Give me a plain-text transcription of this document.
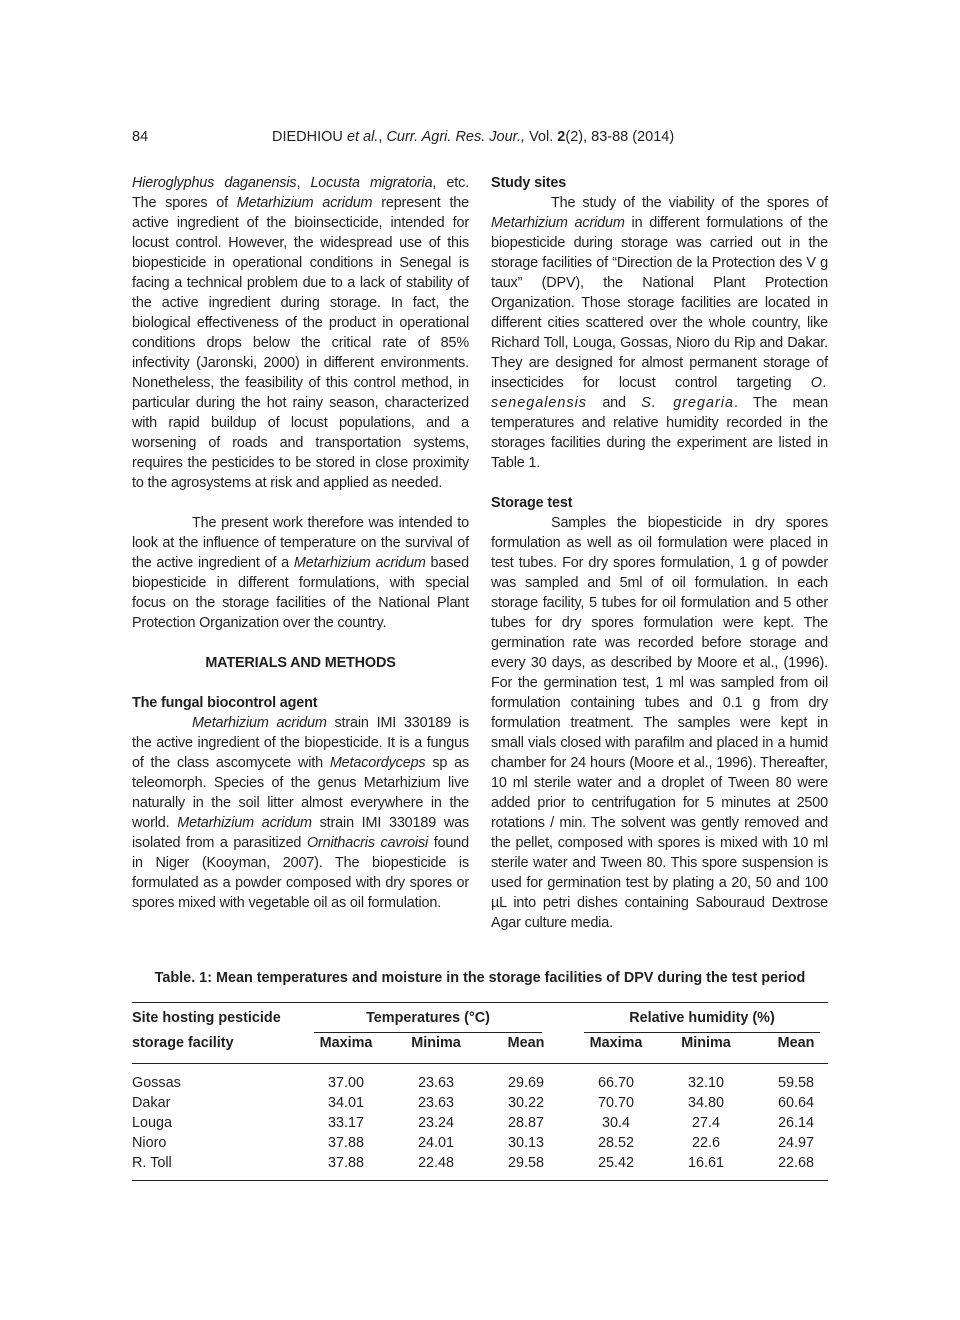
84	DIEDHIOU et al., Curr. Agri. Res. Jour., Vol. 2(2), 83-88 (2014)

Hieroglyphus daganensis, Locusta migratoria, etc. The spores of Metarhizium acridum represent the active ingredient of the bioinsecticide, intended for locust control. However, the widespread use of this biopesticide in operational conditions in Senegal is facing a technical problem due to a lack of stability of the active ingredient during storage. In fact, the biological effectiveness of the product in operational conditions drops below the critical rate of 85% infectivity (Jaronski, 2000) in different environments. Nonetheless, the feasibility of this control method, in particular during the hot rainy season, characterized with rapid buildup of locust populations, and a worsening of roads and transportation systems, requires the pesticides to be stored in close proximity to the agrosystems at risk and applied as needed.

The present work therefore was intended to look at the influence of temperature on the survival of the active ingredient of a Metarhizium acridum based biopesticide in different formulations, with special focus on the storage facilities of the National Plant Protection Organization over the country.

MATERIALS AND METHODS

The fungal biocontrol agent

Metarhizium acridum strain IMI 330189 is the active ingredient of the biopesticide. It is a fungus of the class ascomycete with Metacordyceps sp as teleomorph. Species of the genus Metarhizium live naturally in the soil litter almost everywhere in the world. Metarhizium acridum strain IMI 330189 was isolated from a parasitized Ornithacris cavroisi found in Niger (Kooyman, 2007). The biopesticide is formulated as a powder composed with dry spores or spores mixed with vegetable oil as oil formulation.

Study sites

The study of the viability of the spores of Metarhizium acridum in different formulations of the biopesticide during storage was carried out in the storage facilities of “Direction de la Protection des V g taux” (DPV), the National Plant Protection Organization. Those storage facilities are located in different cities scattered over the whole country, like Richard Toll, Louga, Gossas, Nioro du Rip and Dakar. They are designed for almost permanent storage of insecticides for locust control targeting O. senegalensis and S. gregaria. The mean temperatures and relative humidity recorded in the storages facilities during the experiment are listed in Table 1.

Storage test

Samples the biopesticide in dry spores formulation as well as oil formulation were placed in test tubes. For dry spores formulation, 1 g of powder was sampled and 5ml of oil formulation. In each storage facility, 5 tubes for oil formulation and 5 other tubes for dry spores formulation were kept. The germination rate was recorded before storage and every 30 days, as described by Moore et al., (1996). For the germination test, 1 ml was sampled from oil formulation containing tubes and 0.1 g from dry formulation treatment. The samples were kept in small vials closed with parafilm and placed in a humid chamber for 24 hours (Moore et al., 1996). Thereafter, 10 ml sterile water and a droplet of Tween 80 were added prior to centrifugation for 5 minutes at 2500 rotations / min. The solvent was gently removed and the pellet, composed with spores is mixed with 10 ml sterile water and Tween 80. This spore suspension is used for germination test by plating a 20, 50 and 100 µL into petri dishes containing Sabouraud Dextrose Agar culture media.

Table. 1: Mean temperatures and moisture in the storage facilities of DPV during the test period
Site hosting pesticide
storage facility
Temperatures (°C)	Relative humidity (%)
Maxima	Minima	Mean	Maxima	Minima	Mean
Gossas	37.00	23.63	29.69	66.70	32.10	59.58
Dakar	34.01	23.63	30.22	70.70	34.80	60.64
Louga	33.17	23.24	28.87	30.4	27.4	26.14
Nioro	37.88	24.01	30.13	28.52	22.6	24.97
R. Toll	37.88	22.48	29.58	25.42	16.61	22.68
